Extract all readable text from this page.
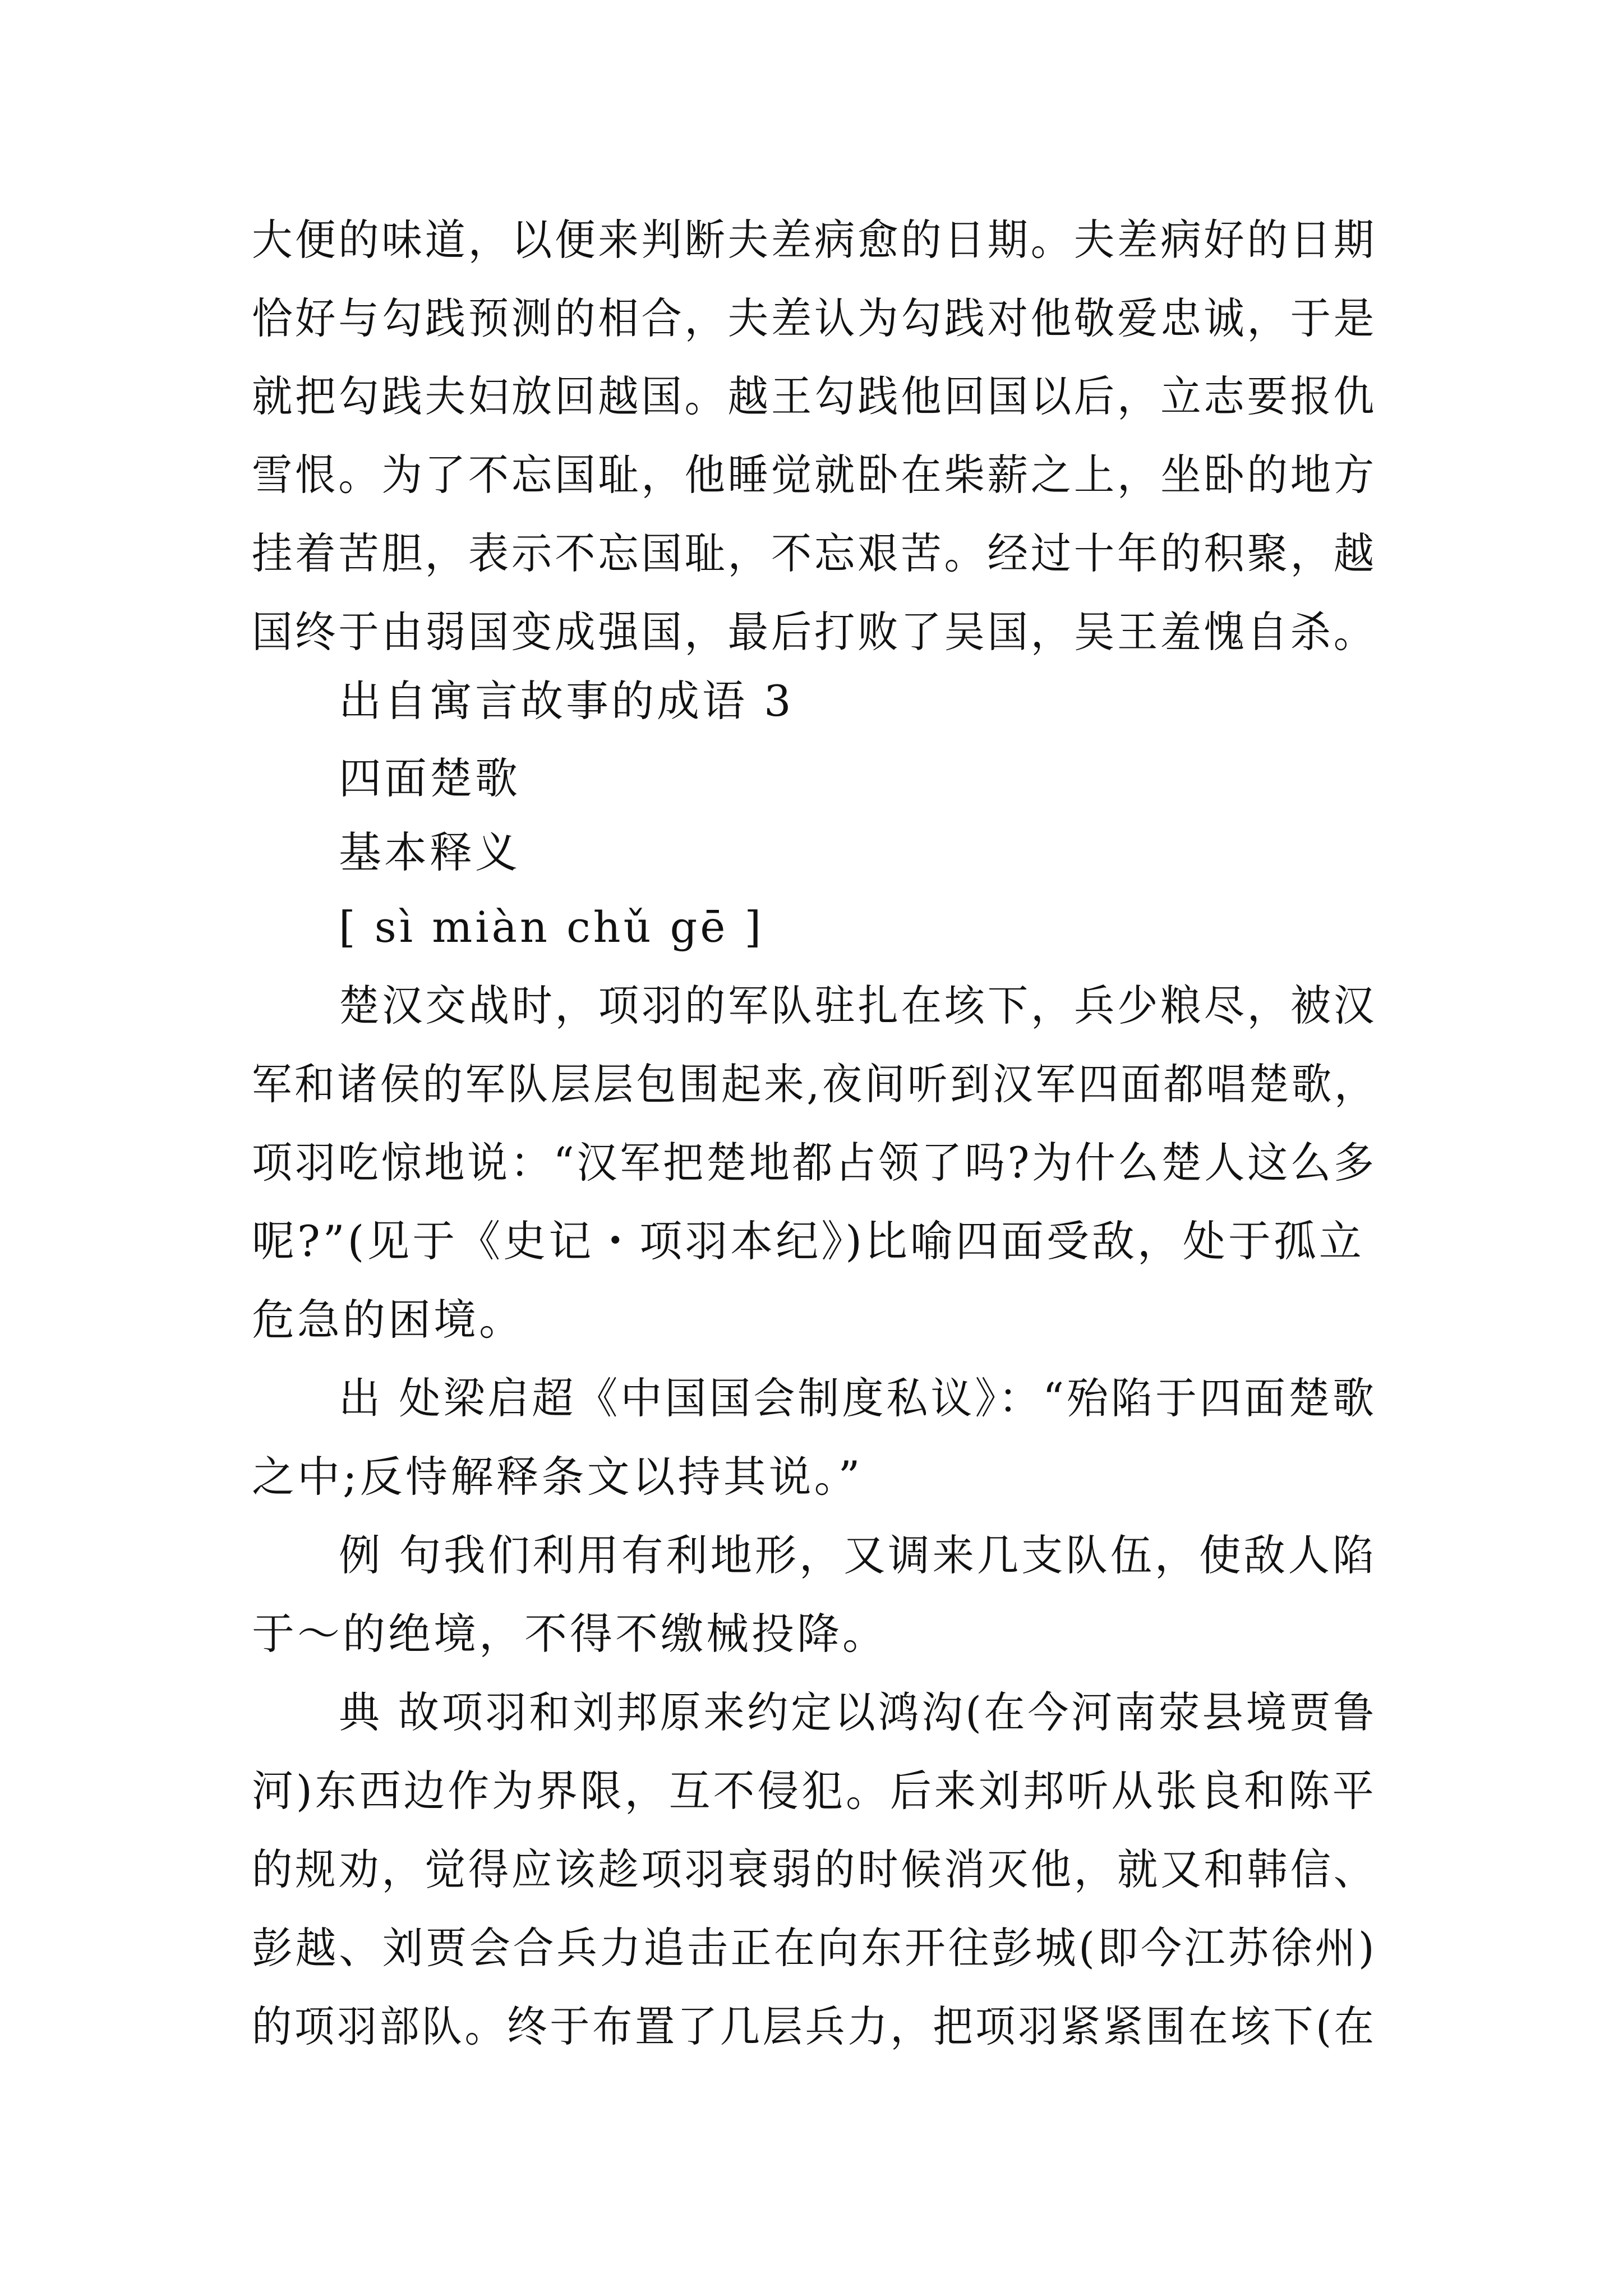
大便的味道，以便来判断夫差病愈的日期。夫差病好的日期
恰好与勾践预测的相合，夫差认为勾践对他敬爱忠诚，于是
就把勾践夫妇放回越国。越王勾践他回国以后，立志要报仇
雪恨。为了不忘国耻，他睡觉就卧在柴薪之上，坐卧的地方
挂着苦胆，表示不忘国耻，不忘艰苦。经过十年的积聚，越
国终于由弱国变成强国，最后打败了吴国，吴王羞愧自杀。
出自寓言故事的成语 3
四面楚歌
基本释义
[ sì miàn chǔ gē ]
楚汉交战时，项羽的军队驻扎在垓下，兵少粮尽，被汉
军和诸侯的军队层层包围起来,夜间听到汉军四面都唱楚歌，
项羽吃惊地说：“汉军把楚地都占领了吗?为什么楚人这么多
呢?”(见于《史记・项羽本纪》)比喻四面受敌，处于孤立
危急的困境。
出 处梁启超《中国国会制度私议》：“殆陷于四面楚歌
之中;反恃解释条文以持其说。”
例 句我们利用有利地形，又调来几支队伍，使敌人陷
于～的绝境，不得不缴械投降。
典 故项羽和刘邦原来约定以鸿沟(在今河南荥县境贾鲁
河)东西边作为界限，互不侵犯。后来刘邦听从张良和陈平
的规劝，觉得应该趁项羽衰弱的时候消灭他，就又和韩信、
彭越、刘贾会合兵力追击正在向东开往彭城(即今江苏徐州)
的项羽部队。终于布置了几层兵力，把项羽紧紧围在垓下(在
